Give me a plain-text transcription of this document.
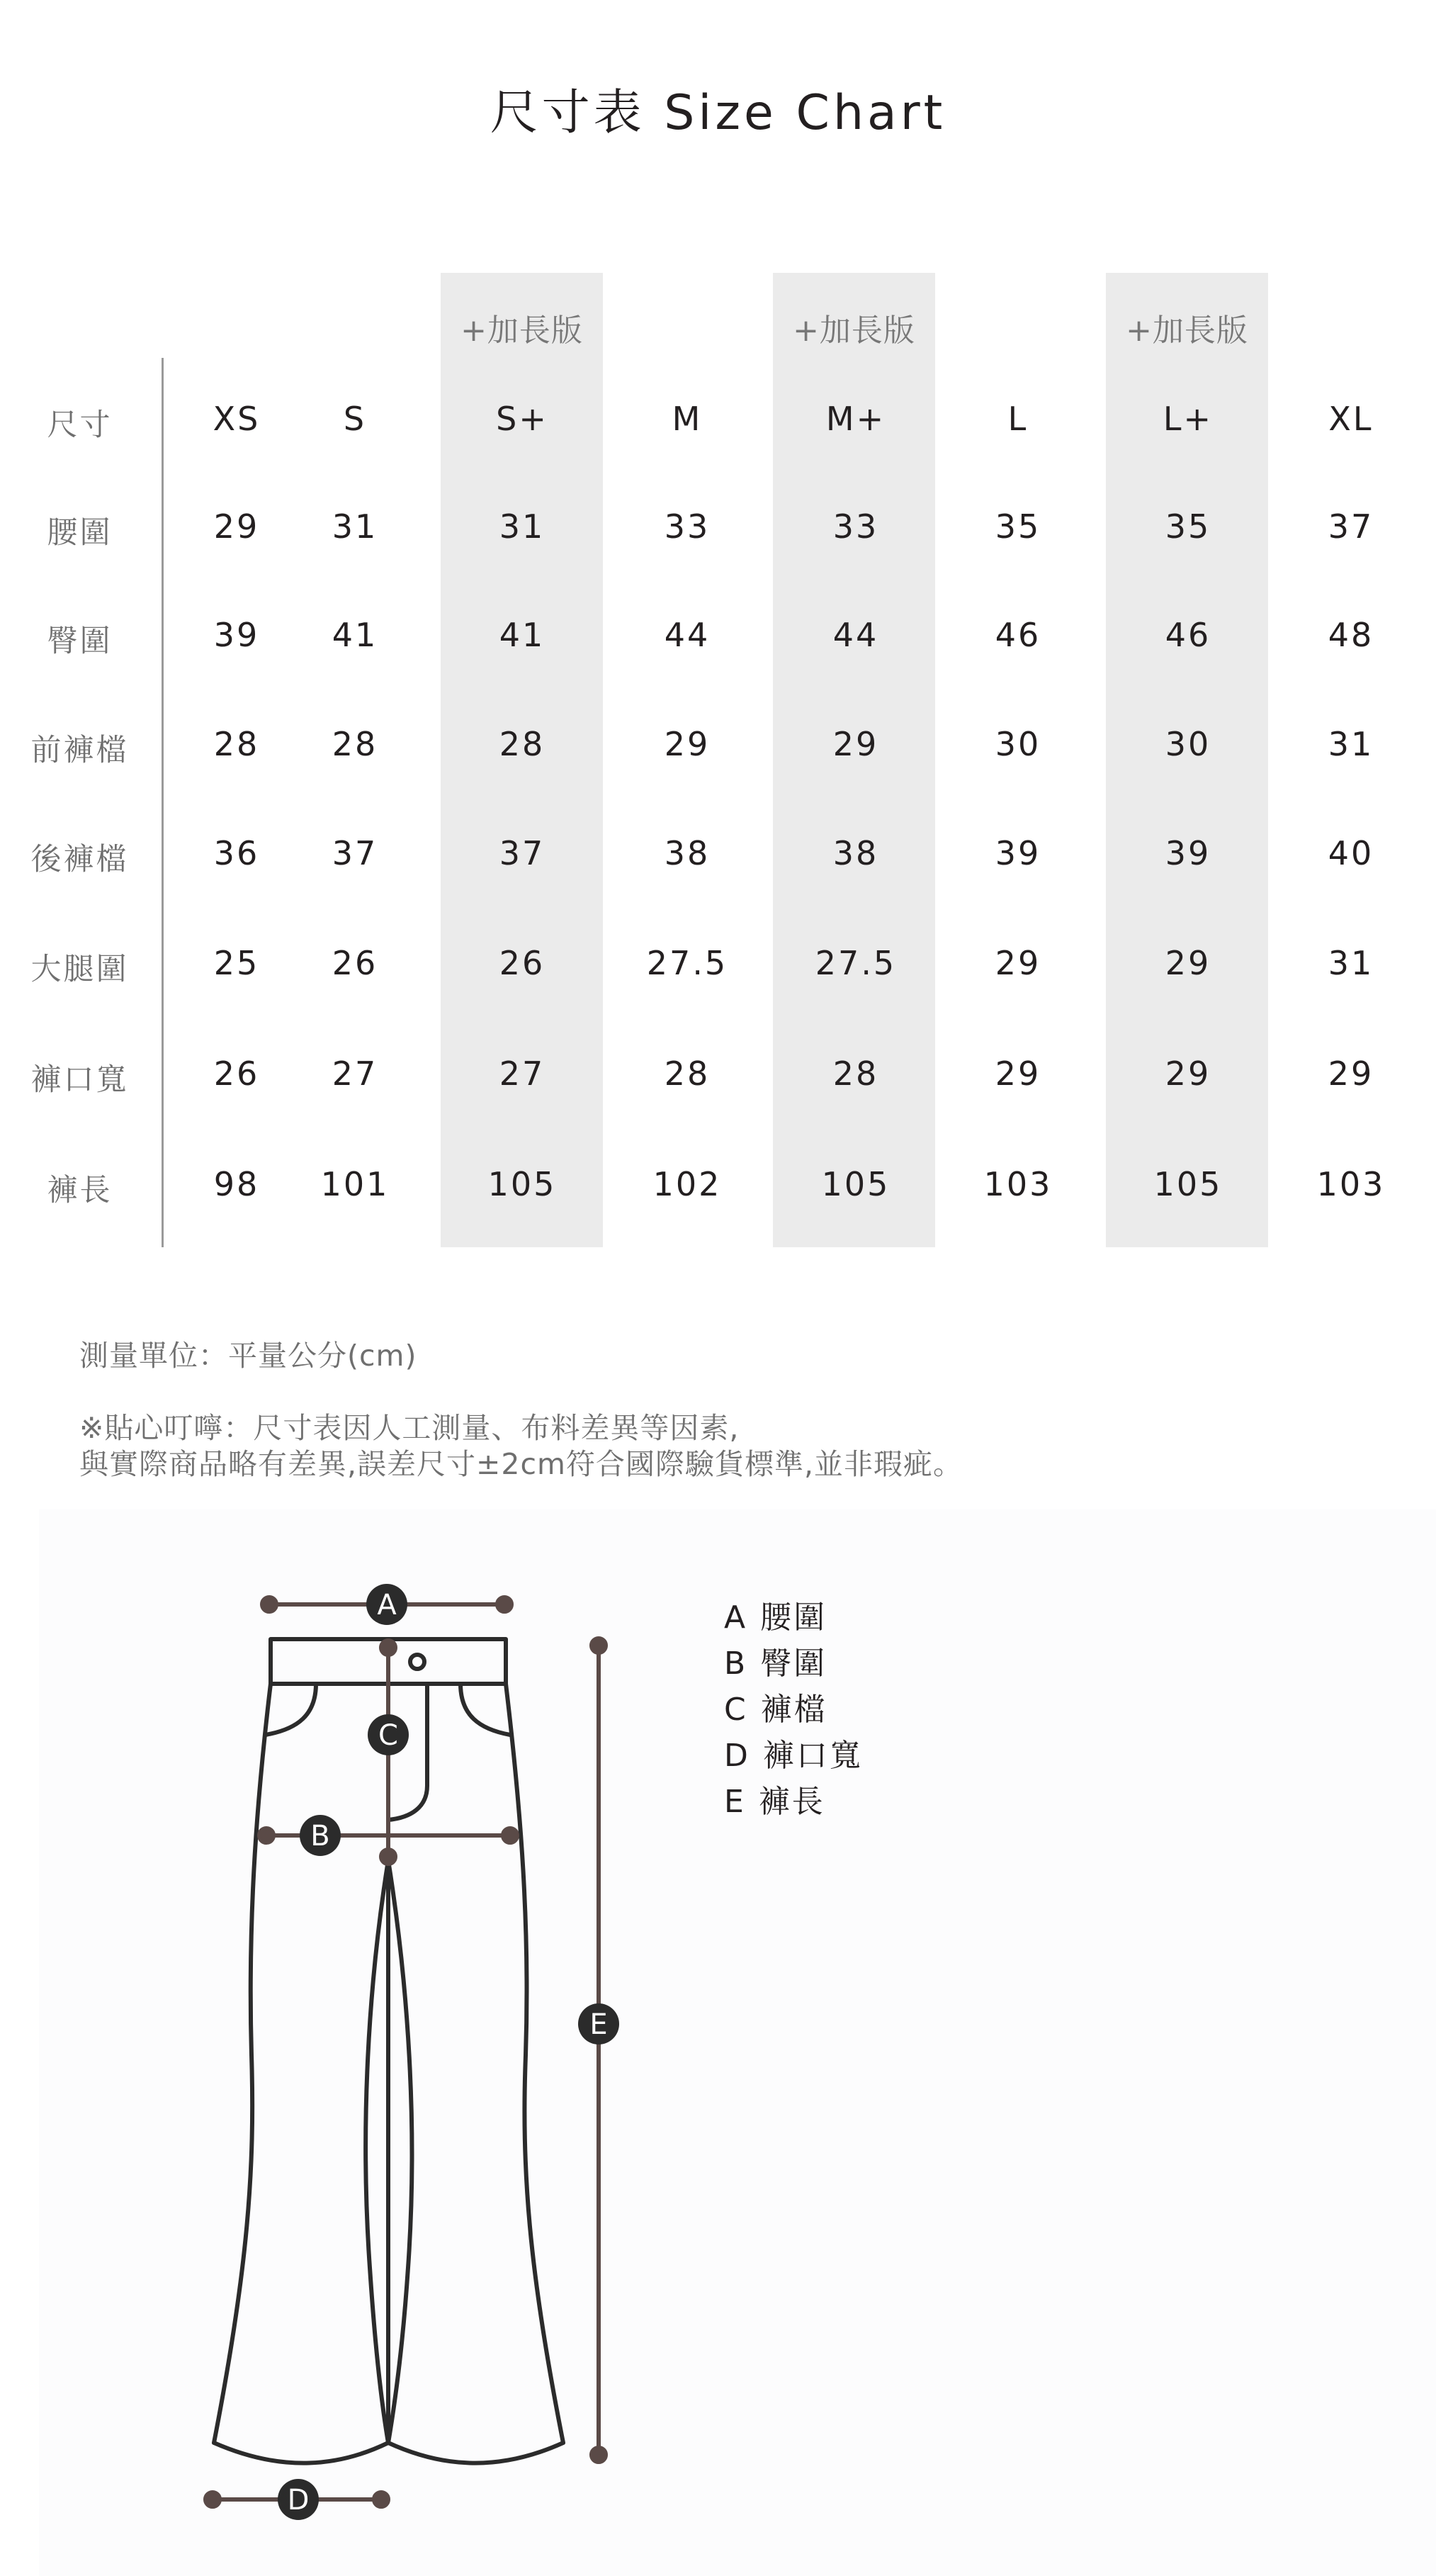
尺寸表 Size Chart
+加長版	+加長版	+加長版
尺寸	XS	S	S+	M	M+	L	L+	XL
腰圍	29	31	31	33	33	35	35	37
臀圍	39	41	41	44	44	46	46	48
前褲檔	28	28	28	29	29	30	30	31
後褲檔	36	37	37	38	38	39	39	40
大腿圍	25	26	26	27.5	27.5	29	29	31
褲口寬	26	27	27	28	28	29	29	29
褲長	98	101	105	102	105	103	105	103
測量單位：平量公分(cm)
※貼心叮嚀：尺寸表因人工測量、布料差異等因素,
與實際商品略有差異,誤差尺寸±2cm符合國際驗貨標準,並非瑕疵。
A
B
C
D
E
A 腰圍
B 臀圍
C 褲檔
D 褲口寬
E 褲長
